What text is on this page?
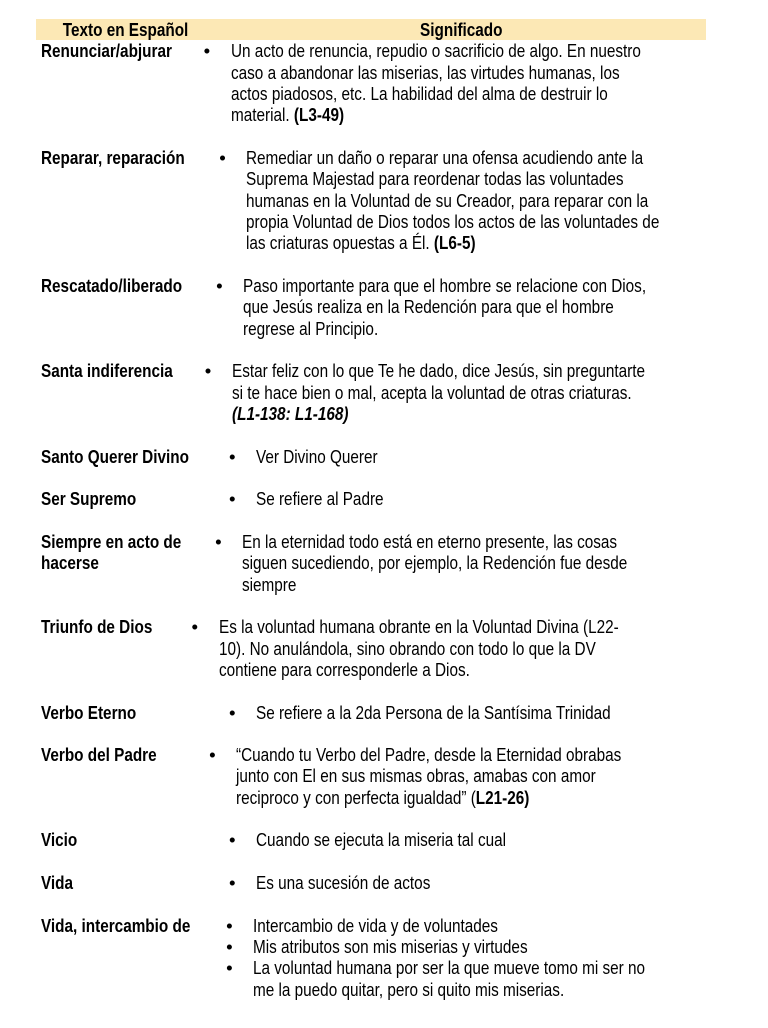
Texto en Español	Significado
Renunciar/abjurar • Un acto de renuncia, repudio o sacrificio de algo. En nuestro
caso a abandonar las miserias, las virtudes humanas, los
actos piadosos, etc. La habilidad del alma de destruir lo
material. (L3-49)
Reparar, reparación • Remediar un daño o reparar una ofensa acudiendo ante la
Suprema Majestad para reordenar todas las voluntades
humanas en la Voluntad de su Creador, para reparar con la
propia Voluntad de Dios todos los actos de las voluntades de
las criaturas opuestas a Él. (L6-5)
Rescatado/liberado • Paso importante para que el hombre se relacione con Dios,
que Jesús realiza en la Redención para que el hombre
regrese al Principio.
Santa indiferencia • Estar feliz con lo que Te he dado, dice Jesús, sin preguntarte
si te hace bien o mal, acepta la voluntad de otras criaturas.
(L1-138: L1-168)
Santo Querer Divino • Ver Divino Querer
Ser Supremo	• Se refiere al Padre
Siempre en acto de
hacerse
• En la eternidad todo está en eterno presente, las cosas
siguen sucediendo, por ejemplo, la Redención fue desde
siempre
Triunfo de Dios	• Es la voluntad humana obrante en la Voluntad Divina (L22-
10). No anulándola, sino obrando con todo lo que la DV
contiene para corresponderle a Dios.
Verbo Eterno	• Se refiere a la 2da Persona de la Santísima Trinidad
Verbo del Padre	• “Cuando tu Verbo del Padre, desde la Eternidad obrabas
junto con El en sus mismas obras, amabas con amor
reciproco y con perfecta igualdad” (L21-26)
Vicio	• Cuando se ejecuta la miseria tal cual
Vida	• Es una sucesión de actos
Vida, intercambio de • Intercambio de vida y de voluntades
• Mis atributos son mis miserias y virtudes
• La voluntad humana por ser la que mueve tomo mi ser no
me la puedo quitar, pero si quito mis miserias.
